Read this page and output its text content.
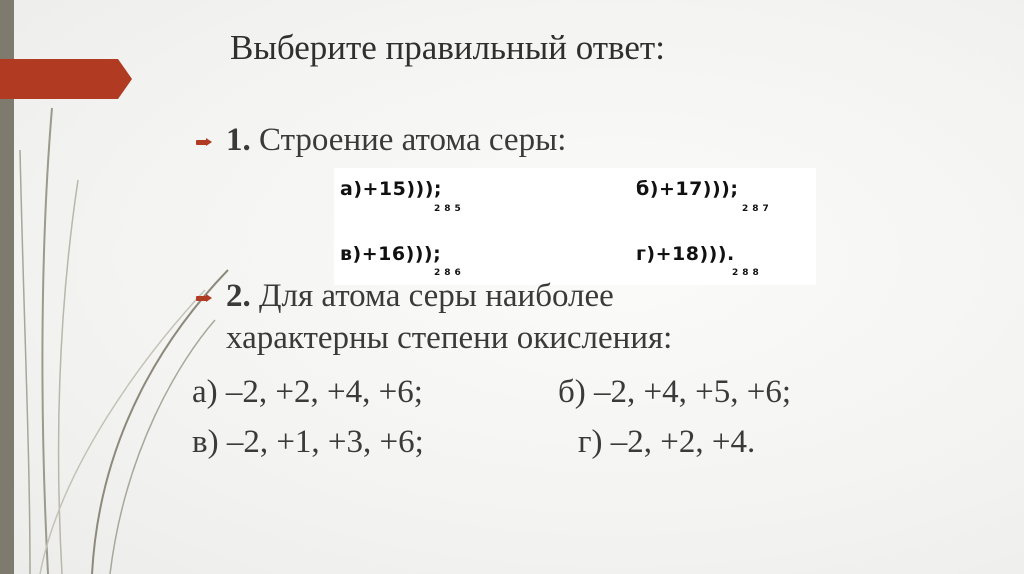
Выберите правильный ответ:
1. Строение атома серы:
а)+15)));
285
б)+17)));
287
в)+16)));
286
г)+18))).
288
2. Для атома серы наиболее
характерны степени окисления:
а) –2, +2, +4, +6;	б) –2, +4, +5, +6;
в) –2, +1, +3, +6;	г) –2, +2, +4.
